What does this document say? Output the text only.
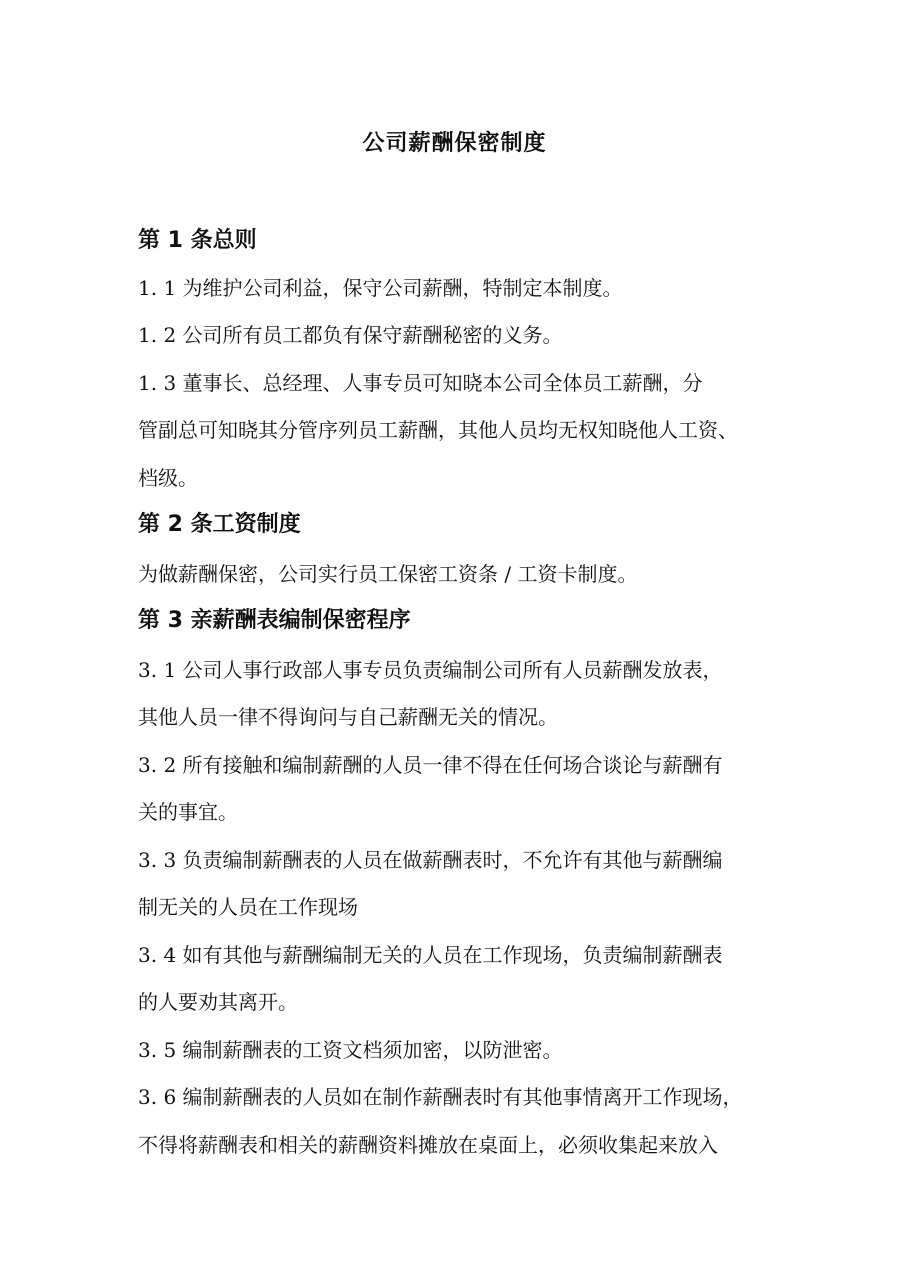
公司薪酬保密制度
第 1 条总则
1. 1 为维护公司利益，保守公司薪酬，特制定本制度。
1. 2 公司所有员工都负有保守薪酬秘密的义务。
1. 3 董事长、总经理、人事专员可知晓本公司全体员工薪酬，分
管副总可知晓其分管序列员工薪酬，其他人员均无权知晓他人工资、
档级。
第 2 条工资制度
为做薪酬保密，公司实行员工保密工资条 / 工资卡制度。
第 3 亲薪酬表编制保密程序
3. 1 公司人事行政部人事专员负责编制公司所有人员薪酬发放表，
其他人员一律不得询问与自己薪酬无关的情况。
3. 2 所有接触和编制薪酬的人员一律不得在任何场合谈论与薪酬有
关的事宜。
3. 3 负责编制薪酬表的人员在做薪酬表时，不允许有其他与薪酬编
制无关的人员在工作现场
3. 4 如有其他与薪酬编制无关的人员在工作现场，负责编制薪酬表
的人要劝其离开。
3. 5 编制薪酬表的工资文档须加密，以防泄密。
3. 6 编制薪酬表的人员如在制作薪酬表时有其他事情离开工作现场，
不得将薪酬表和相关的薪酬资料摊放在桌面上，必须收集起来放入
